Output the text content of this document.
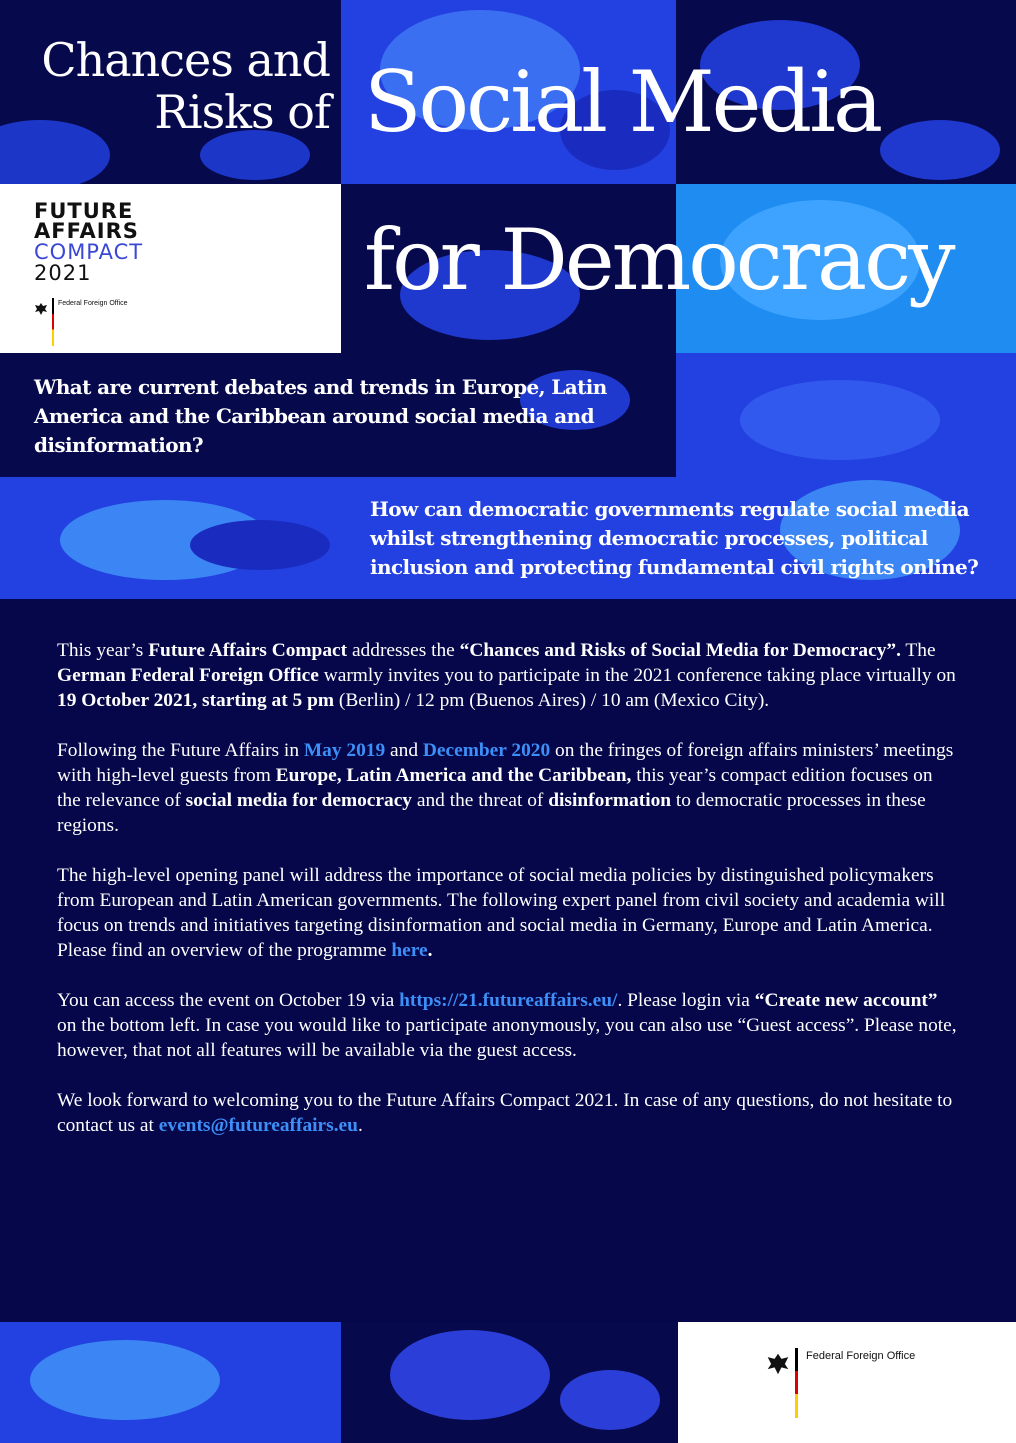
Chances and
Risks of Social Media
for Democracy
FUTURE
AFFAIRS
COMPACT
2021
Federal Foreign Office
What are current debates and trends in Europe, Latin America and the Caribbean around social media and disinformation?
How can democratic governments regulate social media whilst strengthening democratic processes, political inclusion and protecting fundamental civil rights online?

This year’s Future Affairs Compact addresses the “Chances and Risks of Social Media for Democracy”. The German Federal Foreign Office warmly invites you to participate in the 2021 conference taking place virtually on 19 October 2021, starting at 5 pm (Berlin) / 12 pm (Buenos Aires) / 10 am (Mexico City).

Following the Future Affairs in May 2019 and December 2020 on the fringes of foreign affairs ministers’ meetings with high-level guests from Europe, Latin America and the Caribbean, this year’s compact edition focuses on the relevance of social media for democracy and the threat of disinformation to democratic processes in these regions.

The high-level opening panel will address the importance of social media policies by distinguished policymakers from European and Latin American governments. The following expert panel from civil society and academia will focus on trends and initiatives targeting disinformation and social media in Germany, Europe and Latin America. Please find an overview of the programme here.

You can access the event on October 19 via https://21.futureaffairs.eu/. Please login via “Create new account” on the bottom left. In case you would like to participate anonymously, you can also use “Guest access”. Please note, however, that not all features will be available via the guest access.

We look forward to welcoming you to the Future Affairs Compact 2021. In case of any questions, do not hesitate to contact us at events@futureaffairs.eu.

Federal Foreign Office
